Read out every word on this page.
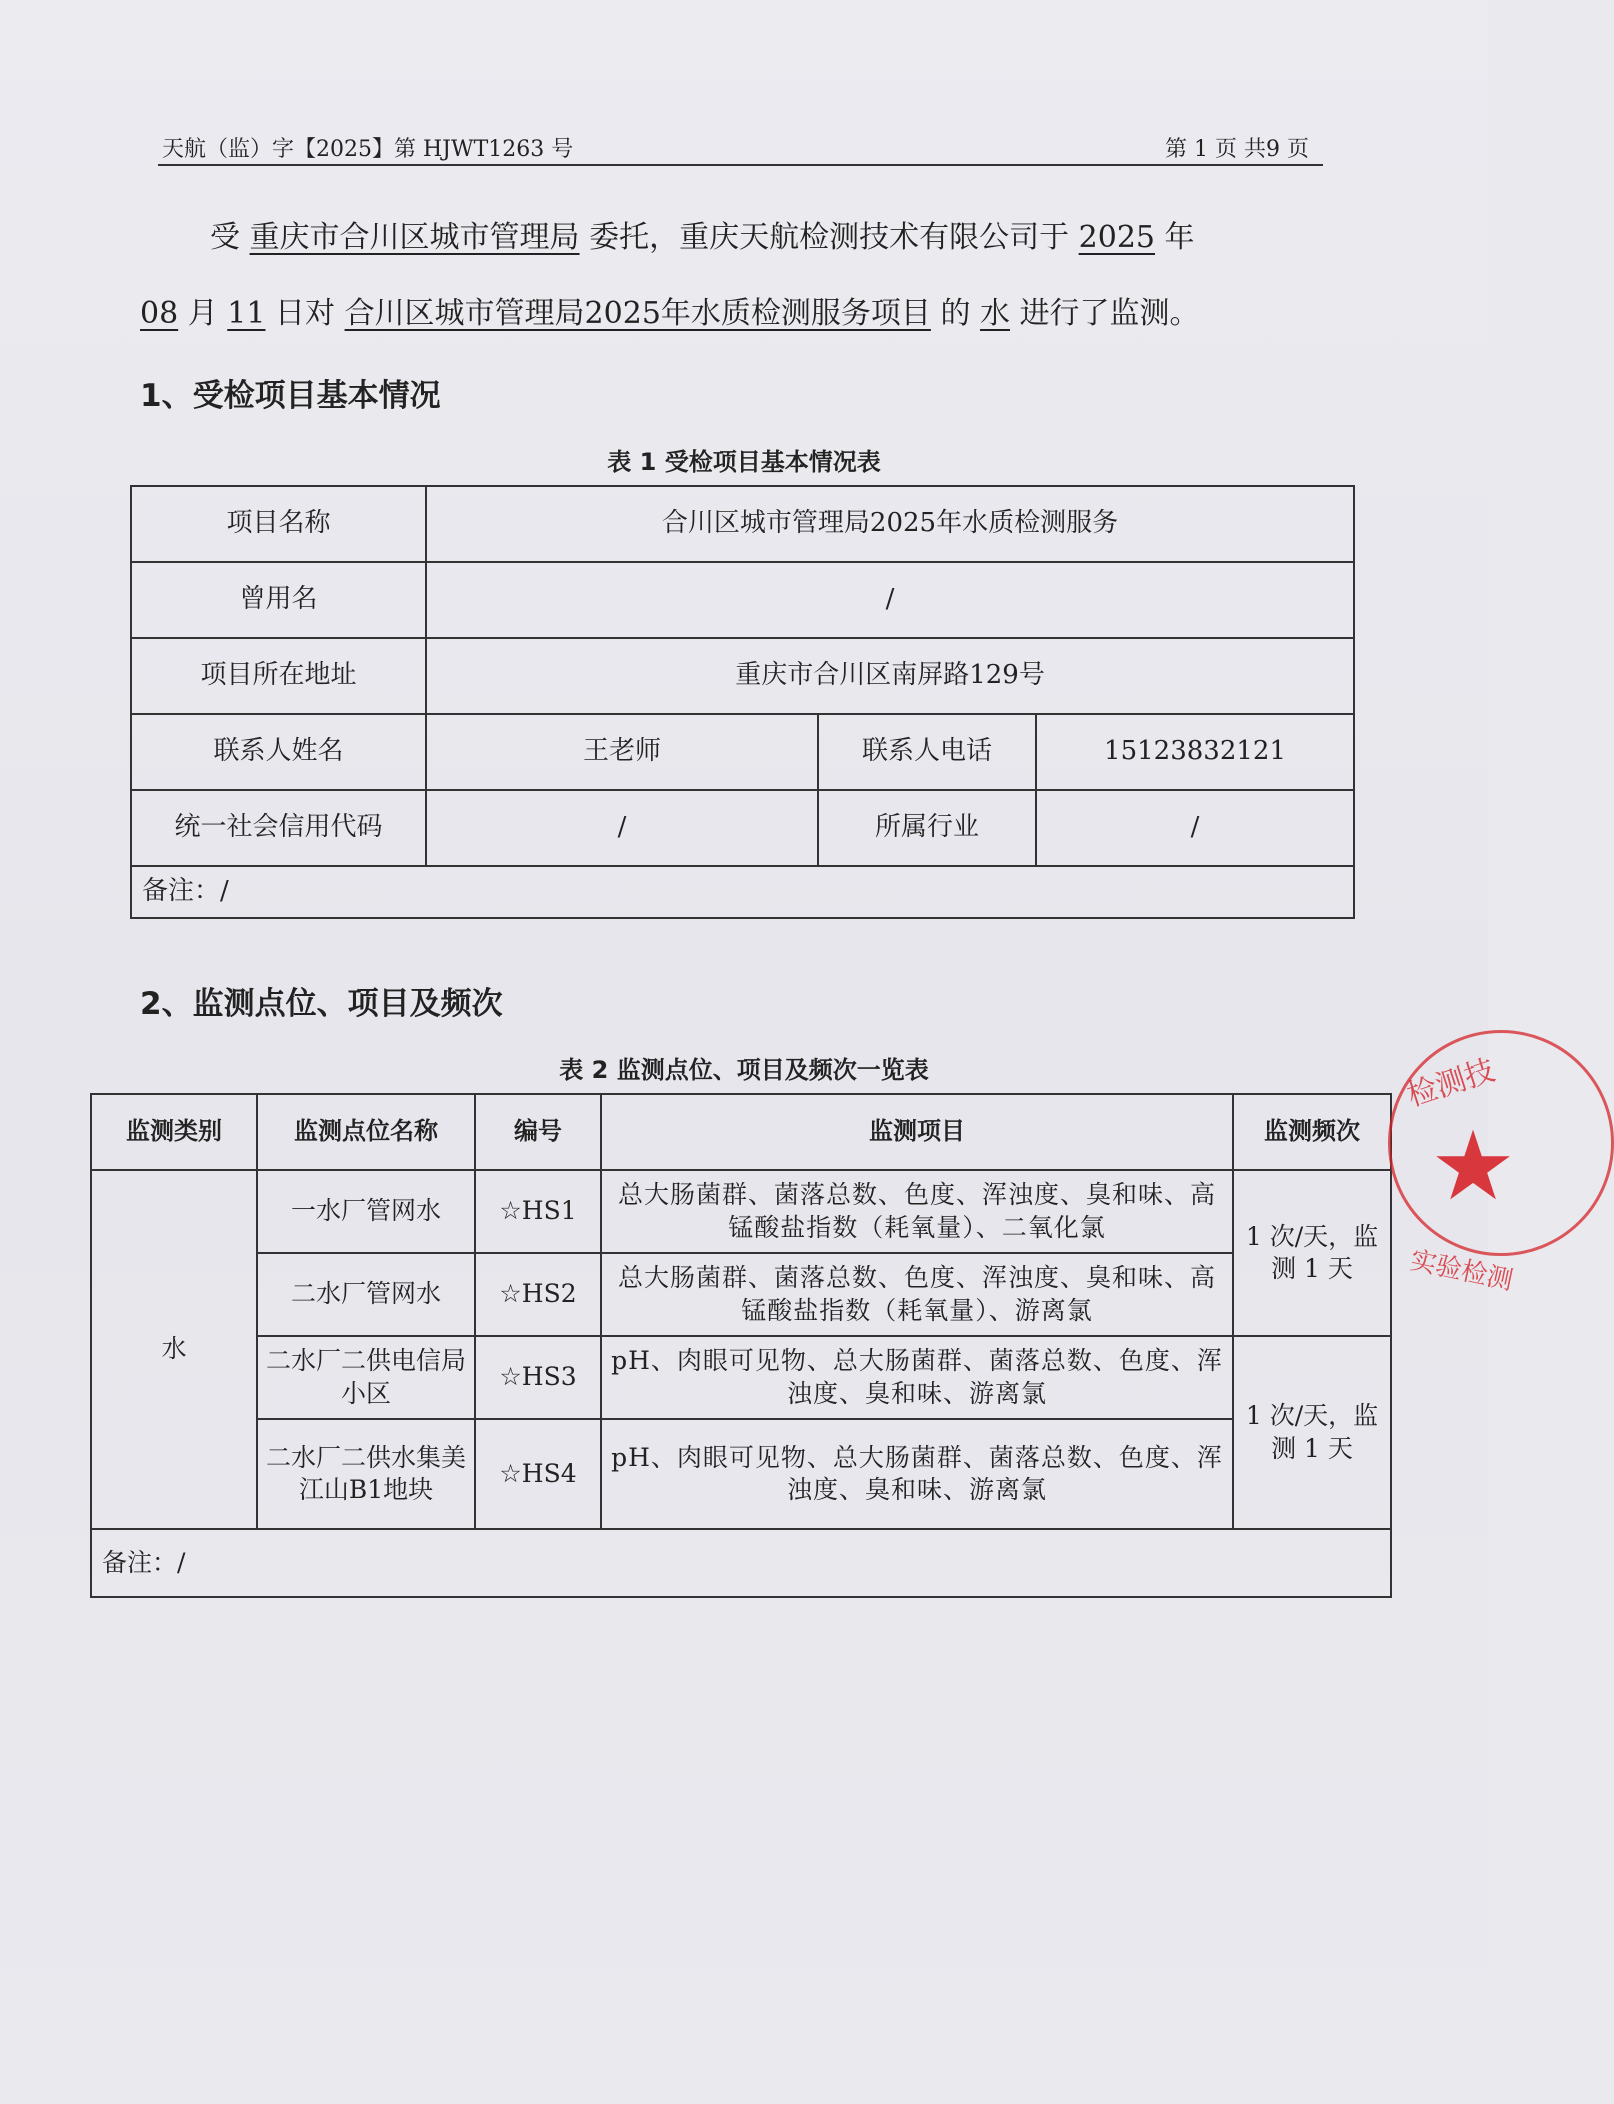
天航（监）字【2025】第 HJWT1263 号	第 1 页 共9 页
受 重庆市合川区城市管理局 委托，重庆天航检测技术有限公司于 2025 年
08 月 11 日对 合川区城市管理局2025年水质检测服务项目 的 水 进行了监测。
1、受检项目基本情况
表 1 受检项目基本情况表
项目名称	合川区城市管理局2025年水质检测服务		
曾用名	/		
项目所在地址	重庆市合川区南屏路129号		
联系人姓名	王老师	联系人电话	15123832121
统一社会信用代码	/	所属行业	/
备注：/			
2、监测点位、项目及频次
表 2 监测点位、项目及频次一览表
监测类别	监测点位名称	编号	监测项目	监测频次
水	一水厂管网水	☆HS1	总大肠菌群、菌落总数、色度、浑浊度、臭和味、高锰酸盐指数（耗氧量）、二氧化氯	1 次/天，监测 1 天
	二水厂管网水	☆HS2	总大肠菌群、菌落总数、色度、浑浊度、臭和味、高锰酸盐指数（耗氧量）、游离氯	
	二水厂二供电信局小区	☆HS3	pH、肉眼可见物、总大肠菌群、菌落总数、色度、浑浊度、臭和味、游离氯	1 次/天，监测 1 天
	二水厂二供水集美江山B1地块	☆HS4	pH、肉眼可见物、总大肠菌群、菌落总数、色度、浑浊度、臭和味、游离氯	
备注：/				
检测技
★
实验检测
